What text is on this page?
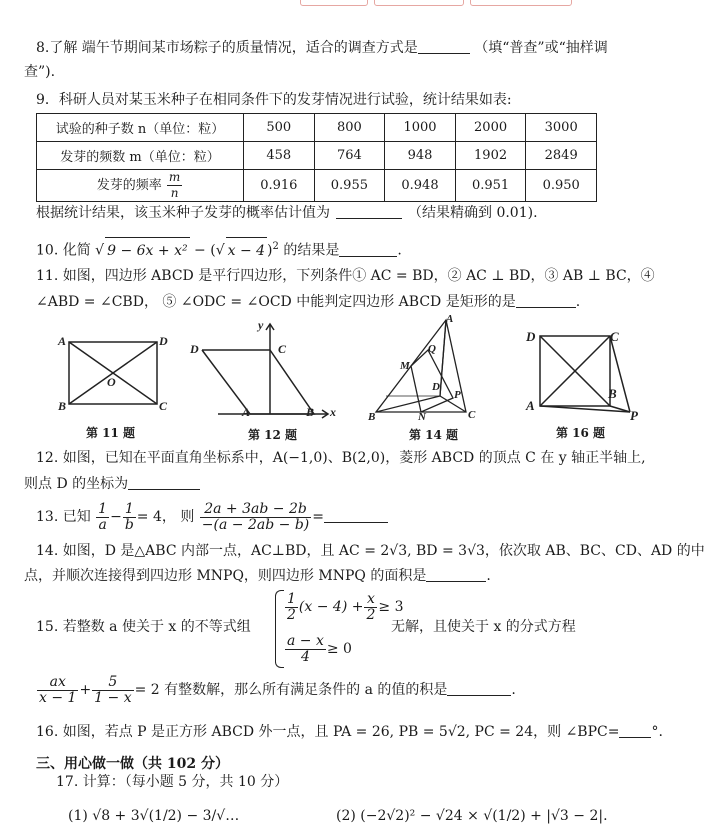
8.了解 端午节期间某市场粽子的质量情况，适合的调查方式是	（填“普查”或“抽样调
查”).
9．科研人员对某玉米种子在相同条件下的发芽情况进行试验，统计结果如表:
试验的种子数 n（单位：粒）	500	800	1000	2000	3000
发芽的频数 m（单位：粒）	458	764	948	1902	2849
发芽的频率 $\frac{m}{n}$	0.916	0.955	0.948	0.951	0.950
根据统计结果，该玉米种子发芽的概率估计值为	（结果精确到 0.01).
10. 化简 √ 9 − 6x + x² − (√ x − 4 )$^2$ 的结果是	.
11. 如图，四边形 ABCD 是平行四边形，下列条件① AC = BD，② AC ⊥ BD，③ AB ⊥ BC，④
∠ABD = ∠CBD， ⑤ ∠ODC = ∠OCD 中能判定四边形 ABCD 是矩形的是	.
A	D
B	C
O
第 11 题
y
D	C
A	B x
第 12 题
A
M
Q
D
P
B	N	C
第 14 题
D	C
B
A
P
第 16 题
12. 如图，已知在平面直角坐标系中，A(−1,0)、B(2,0)，菱形 ABCD 的顶点 C 在 y 轴正半轴上,
则点 D 的坐标为
13. 已知 $\frac{1}{a} - \frac{1}{b} = 4$， 则 $\frac{2a + 3ab - 2b}{-(a - 2ab - b)}$ =
14. 如图，D 是△ABC 内部一点，AC⊥BD，且 AC = 2√3, BD = 3√3，依次取 AB、BC、CD、AD 的中
点，并顺次连接得到四边形 MNPQ，则四边形 MNPQ 的面积是	.
15. 若整数 a 使关于 x 的不等式组
$\frac{1}{2} (x - 4) + \frac{x}{2} \ge 3$
$\frac{a - x}{4} \ge 0$
无解，且使关于 x 的分式方程
$\frac{ax}{x - 1} + \frac{5}{1 - x} = 2$ 有整数解，那么所有满足条件的 a 的值的积是	.
16. 如图，若点 P 是正方形 ABCD 外一点，且 PA = 26, PB = 5√2, PC = 24，则 ∠BPC= °.
三、用心做一做（共 102 分）
17. 计算：（每小题 5 分，共 10 分）
(1) √8 + 3√(1/2) − 3/√…	(2) (−2√2)² − √24 × √(1/2) + |√3 − 2|.
